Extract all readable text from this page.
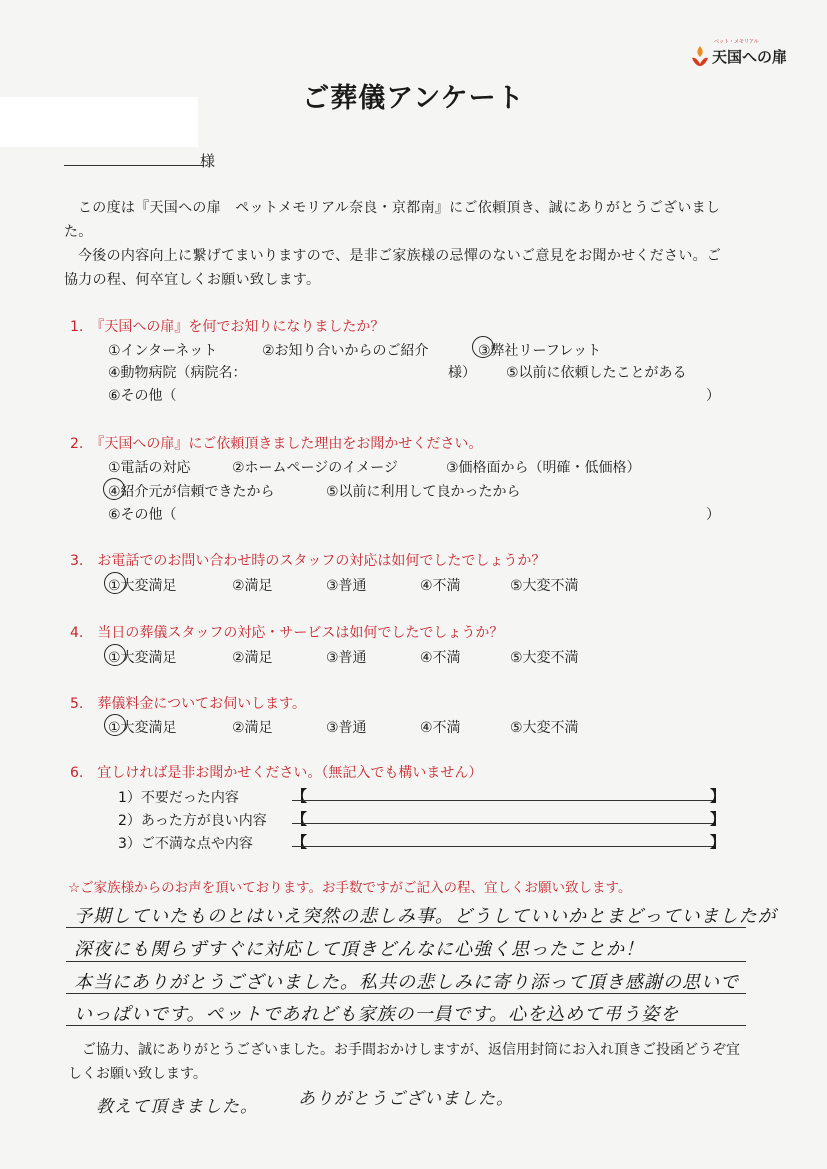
ペット・メモリアル
天国への扉
ご葬儀アンケート
様

この度は『天国への扉　ペットメモリアル奈良・京都南』にご依頼頂き、誠にありがとうございました。

今後の内容向上に繋げてまいりますので、是非ご家族様の忌憚のないご意見をお聞かせください。ご協力の程、何卒宜しくお願い致します。

1.　『天国への扉』を何でお知りになりましたか？
①インターネット	②お知り合いからのご紹介	③弊社リーフレット
④動物病院（病院名：	様） ⑤以前に依頼したことがある
⑥その他（	）
2.　『天国への扉』にご依頼頂きました理由をお聞かせください。
①電話の対応	②ホームページのイメージ	③価格面から（明確・低価格）
④紹介元が信頼できたから	⑤以前に利用して良かったから
⑥その他（	）
3.　お電話でのお問い合わせ時のスタッフの対応は如何でしたでしょうか？
①大変満足	②満足	③普通	④不満	⑤大変不満
4.　当日の葬儀スタッフの対応・サービスは如何でしたでしょうか？
①大変満足	②満足	③普通	④不満	⑤大変不満
5.　葬儀料金についてお伺いします。
①大変満足	②満足	③普通	④不満	⑤大変不満
6.　宜しければ是非お聞かせください。（無記入でも構いません）
1）不要だった内容	【	】
2）あった方が良い内容 【	】
3）ご不満な点や内容	【	】
☆ご家族様からのお声を頂いております。お手数ですがご記入の程、宜しくお願い致します。
予期していたものとはいえ突然の悲しみ事。どうしていいかとまどっていましたが
深夜にも関らずすぐに対応して頂きどんなに心強く思ったことか！
本当にありがとうございました。私共の悲しみに寄り添って頂き感謝の思いで
いっぱいです。ペットであれども家族の一員です。心を込めて弔う姿を

ご協力、誠にありがとうございました。お手間おかけしますが、返信用封筒にお入れ頂きご投函どうぞ宜しくお願い致します。

教えて頂きました。 ありがとうございました。
